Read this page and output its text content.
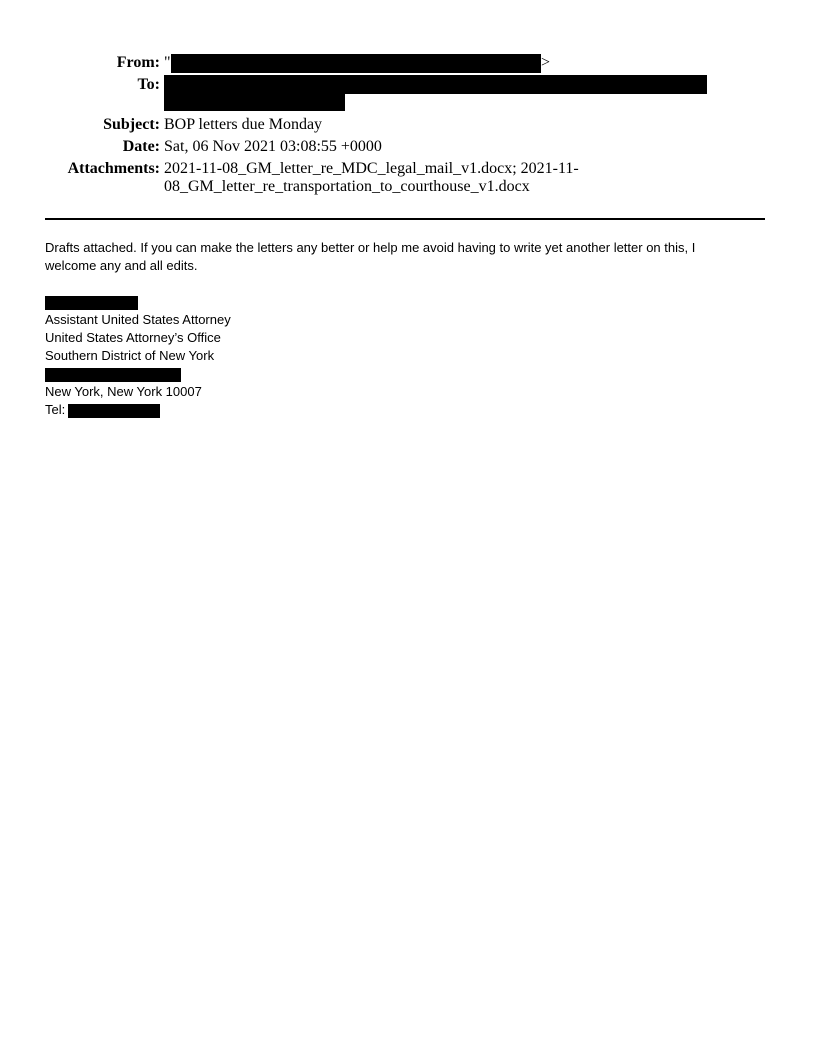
From: "	>
To:
Subject: BOP letters due Monday
Date: Sat, 06 Nov 2021 03:08:55 +0000
Attachments: 2021-11-08_GM_letter_re_MDC_legal_mail_v1.docx; 2021-11-
08_GM_letter_re_transportation_to_courthouse_v1.docx
Drafts attached. If you can make the letters any better or help me avoid having to write yet another letter on this, I
welcome any and all edits.
Assistant United States Attorney
United States Attorney’s Office
Southern District of New York
New York, New York 10007
Tel:
